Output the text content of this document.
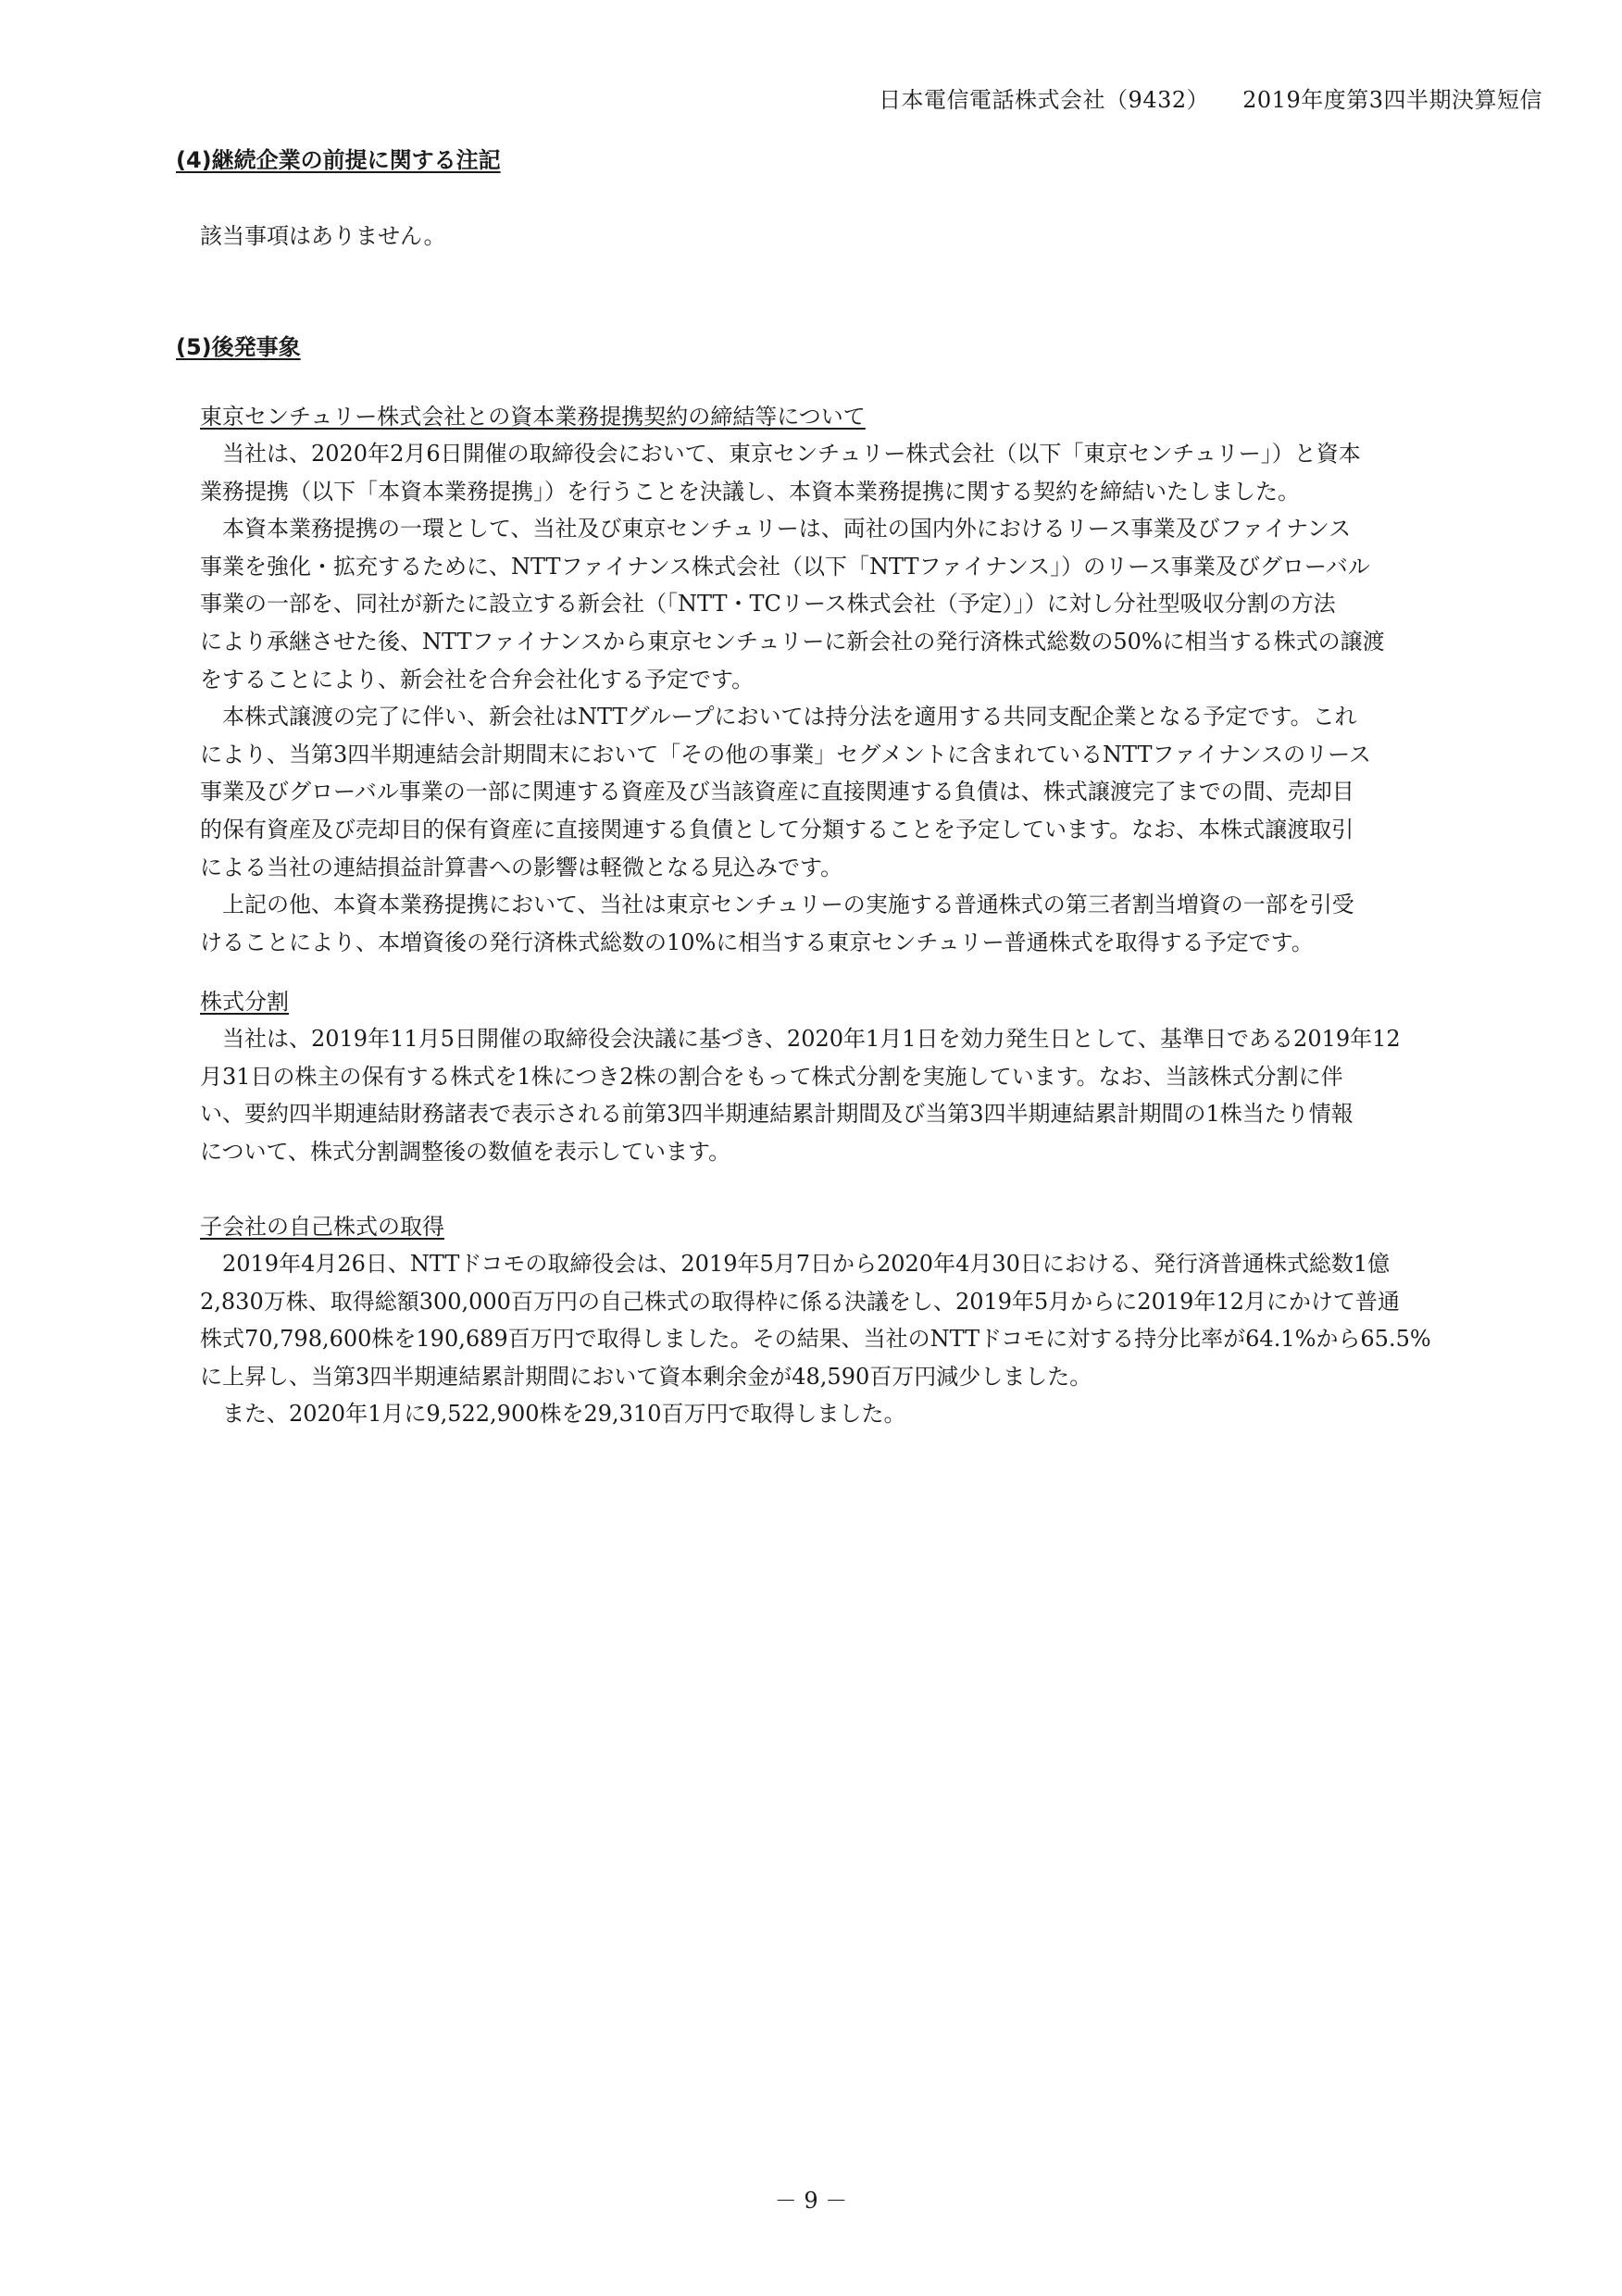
日本電信電話株式会社（9432） 2019年度第3四半期決算短信
(4)継続企業の前提に関する注記
該当事項はありません。
(5)後発事象
東京センチュリー株式会社との資本業務提携契約の締結等について
　当社は、2020年2月6日開催の取締役会において、東京センチュリー株式会社（以下「東京センチュリー」）と資本
業務提携（以下「本資本業務提携」）を行うことを決議し、本資本業務提携に関する契約を締結いたしました。
　本資本業務提携の一環として、当社及び東京センチュリーは、両社の国内外におけるリース事業及びファイナンス
事業を強化・拡充するために、NTTファイナンス株式会社（以下「NTTファイナンス」）のリース事業及びグローバル
事業の一部を、同社が新たに設立する新会社（「NTT・TCリース株式会社（予定）」）に対し分社型吸収分割の方法
により承継させた後、NTTファイナンスから東京センチュリーに新会社の発行済株式総数の50%に相当する株式の譲渡
をすることにより、新会社を合弁会社化する予定です。
　本株式譲渡の完了に伴い、新会社はNTTグループにおいては持分法を適用する共同支配企業となる予定です。これ
により、当第3四半期連結会計期間末において「その他の事業」セグメントに含まれているNTTファイナンスのリース
事業及びグローバル事業の一部に関連する資産及び当該資産に直接関連する負債は、株式譲渡完了までの間、売却目
的保有資産及び売却目的保有資産に直接関連する負債として分類することを予定しています。なお、本株式譲渡取引
による当社の連結損益計算書への影響は軽微となる見込みです。
　上記の他、本資本業務提携において、当社は東京センチュリーの実施する普通株式の第三者割当増資の一部を引受
けることにより、本増資後の発行済株式総数の10%に相当する東京センチュリー普通株式を取得する予定です。
株式分割
　当社は、2019年11月5日開催の取締役会決議に基づき、2020年1月1日を効力発生日として、基準日である2019年12
月31日の株主の保有する株式を1株につき2株の割合をもって株式分割を実施しています。なお、当該株式分割に伴
い、要約四半期連結財務諸表で表示される前第3四半期連結累計期間及び当第3四半期連結累計期間の1株当たり情報
について、株式分割調整後の数値を表示しています。
子会社の自己株式の取得
　2019年4月26日、NTTドコモの取締役会は、2019年5月7日から2020年4月30日における、発行済普通株式総数1億
2,830万株、取得総額300,000百万円の自己株式の取得枠に係る決議をし、2019年5月からに2019年12月にかけて普通
株式70,798,600株を190,689百万円で取得しました。その結果、当社のNTTドコモに対する持分比率が64.1%から65.5%
に上昇し、当第3四半期連結累計期間において資本剰余金が48,590百万円減少しました。
　また、2020年1月に9,522,900株を29,310百万円で取得しました。
－ 9 －
